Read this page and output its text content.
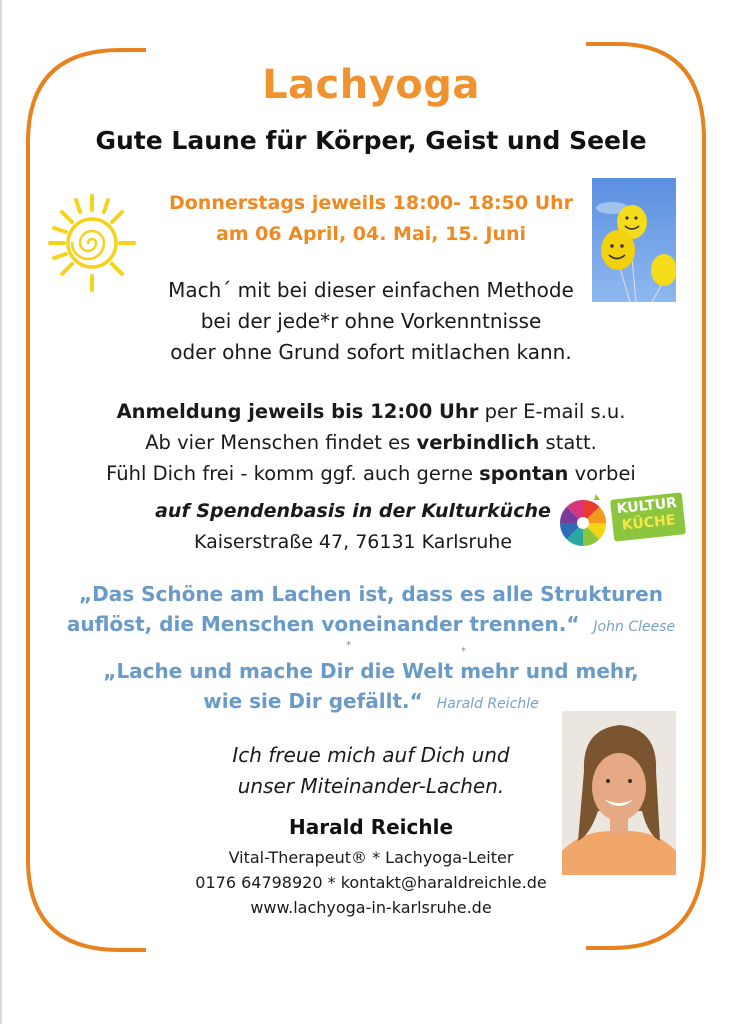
Lachyoga
Gute Laune für Körper, Geist und Seele
Donnerstags jeweils 18:00- 18:50 Uhr
am 06 April, 04. Mai, 15. Juni
Mach´ mit bei dieser einfachen Methode
bei der jede*r ohne Vorkenntnisse
oder ohne Grund sofort mitlachen kann.
Anmeldung jeweils bis 12:00 Uhr per E-mail s.u.
Ab vier Menschen findet es verbindlich statt.
Fühl Dich frei - komm ggf. auch gerne spontan vorbei
auf Spendenbasis in der Kulturküche
Kaiserstraße 47, 76131 Karlsruhe
KULTUR
KÜCHE
„Das Schöne am Lachen ist, dass es alle Strukturen
auflöst, die Menschen voneinander trennen.“ John Cleese
*
*
„Lache und mache Dir die Welt mehr und mehr,
wie sie Dir gefällt.“ Harald Reichle
Ich freue mich auf Dich und
unser Miteinander-Lachen.
Harald Reichle
Vital-Therapeut® * Lachyoga-Leiter
0176 64798920 * kontakt@haraldreichle.de
www.lachyoga-in-karlsruhe.de
